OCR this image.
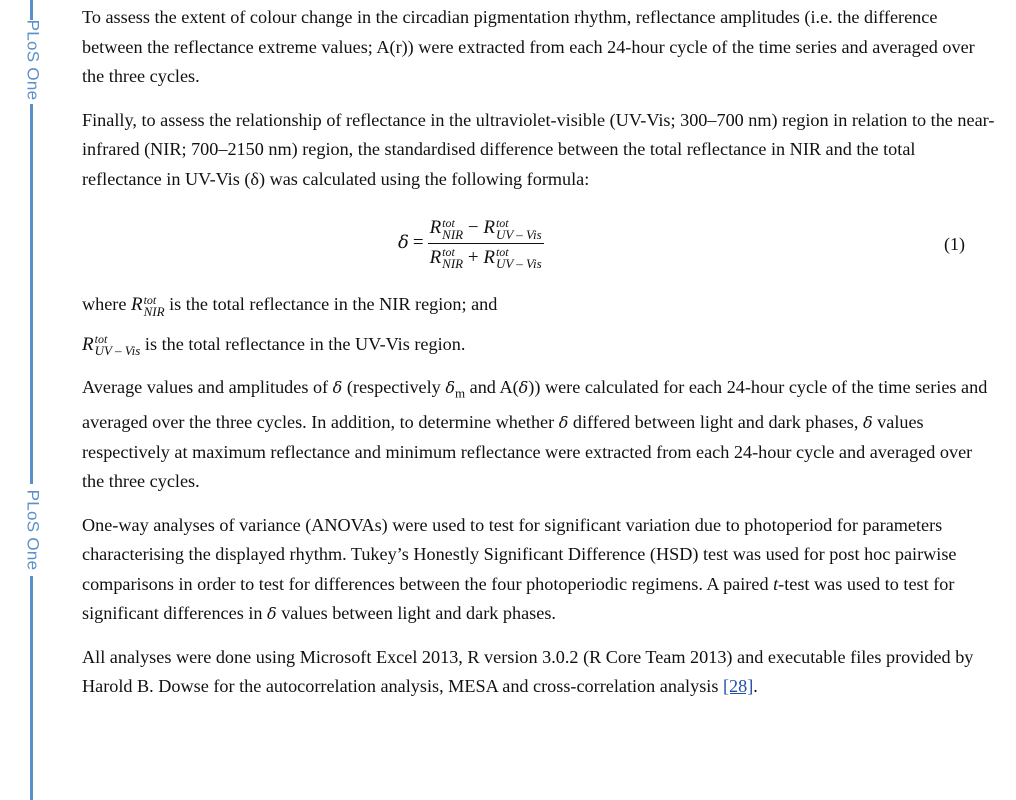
PLoS One
PLoS One

To assess the extent of colour change in the circadian pigmentation rhythm, reflectance amplitudes (i.e. the difference between the reflectance extreme values; A(r)) were extracted from each 24-hour cycle of the time series and averaged over the three cycles.

Finally, to assess the relationship of reflectance in the ultraviolet-visible (UV-Vis; 300–700 nm) region in relation to the near-infrared (NIR; 700–2150 nm) region, the standardised difference between the total reflectance in NIR and the total reflectance in UV-Vis (δ) was calculated using the following formula:

δ = R tot
NIR − R tot
UV – Vis
R tot
NIR + R tot
UV – Vis	(1)

where R tot
NIR is the total reflectance in the NIR region; and

R tot
UV – Vis is the total reflectance in the UV-Vis region.

Average values and amplitudes of δ (respectively $\delta_m$ and A(δ)) were calculated for each 24-hour cycle of the time series and averaged over the three cycles. In addition, to determine whether δ differed between light and dark phases, δ values respectively at maximum reflectance and minimum reflectance were extracted from each 24-hour cycle and averaged over the three cycles.

One-way analyses of variance (ANOVAs) were used to test for significant variation due to photoperiod for parameters characterising the displayed rhythm. Tukey’s Honestly Significant Difference (HSD) test was used for post hoc pairwise comparisons in order to test for differences between the four photoperiodic regimens. A paired t-test was used to test for significant differences in δ values between light and dark phases.

All analyses were done using Microsoft Excel 2013, R version 3.0.2 (R Core Team 2013) and executable files provided by Harold B. Dowse for the autocorrelation analysis, MESA and cross-correlation analysis [28].
